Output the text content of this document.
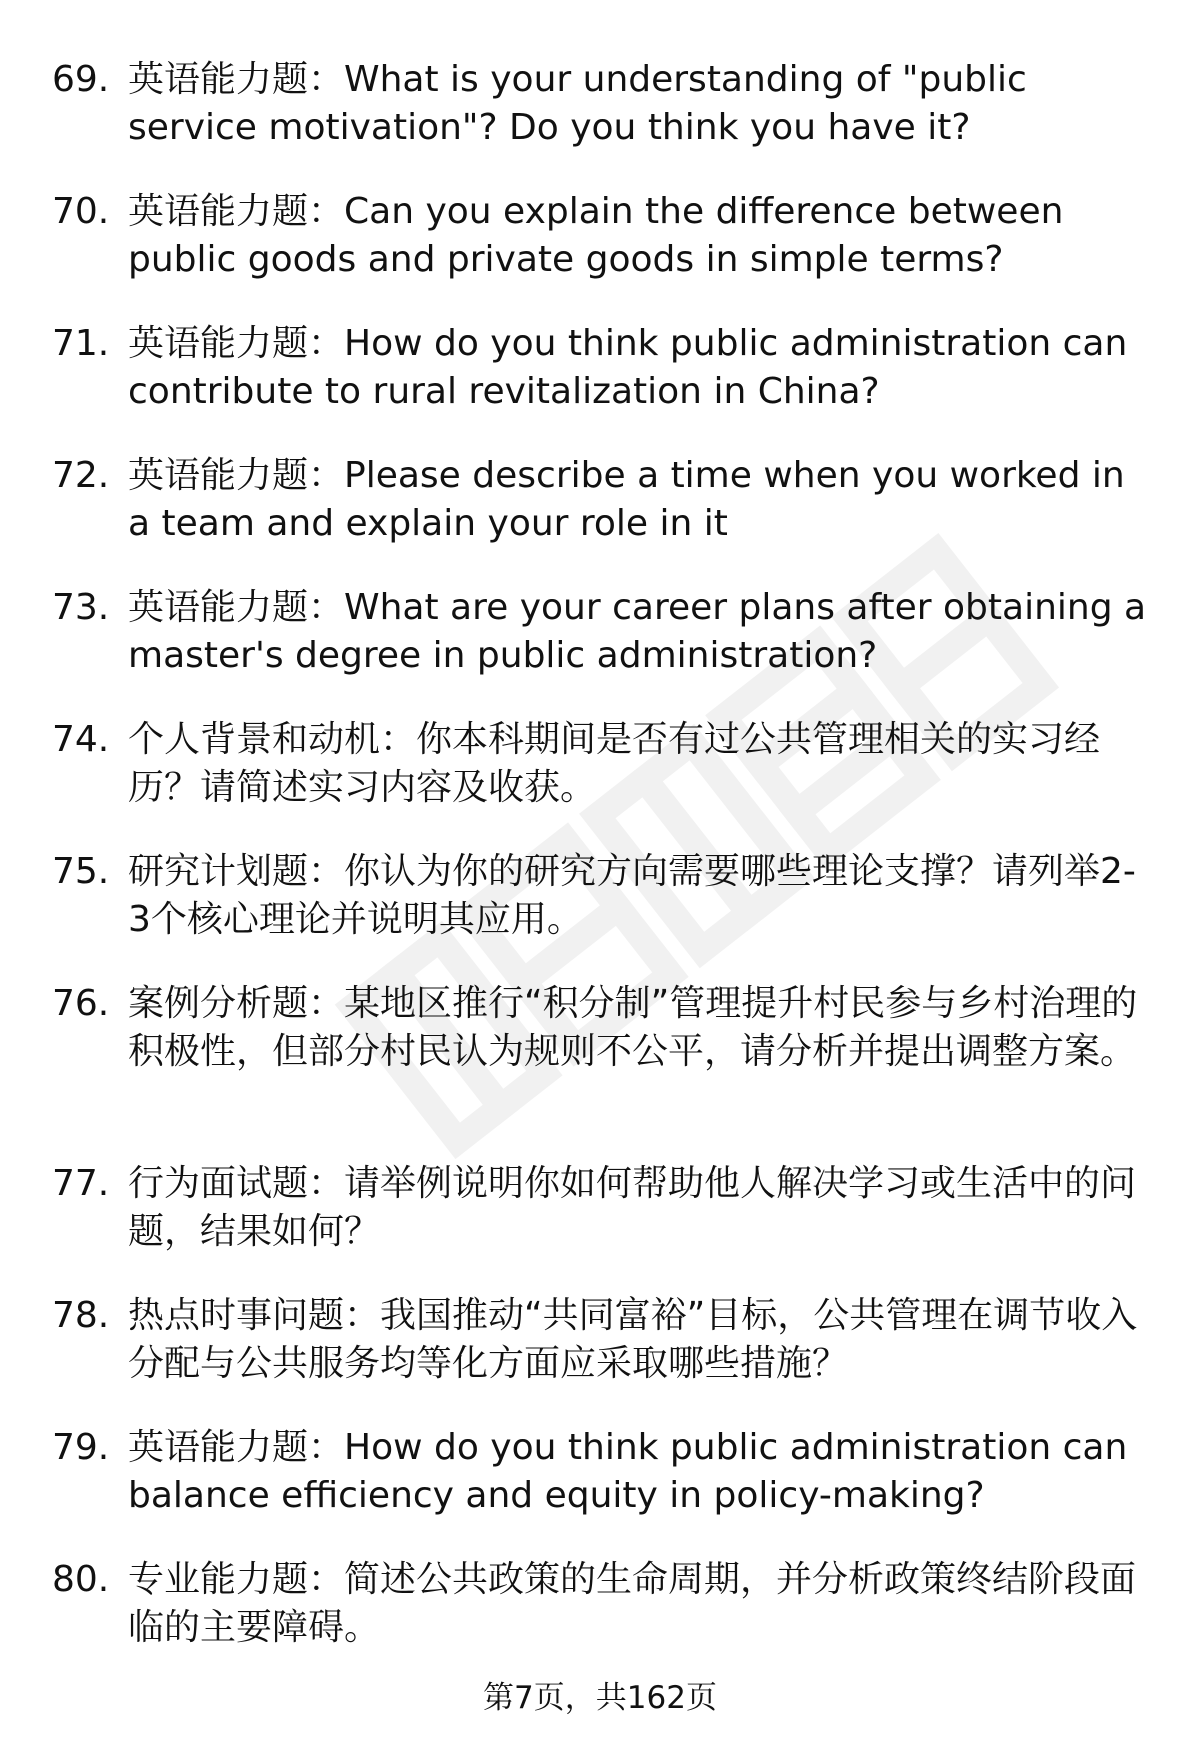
69. 英语能力题：What is your understanding of "public service motivation"? Do you think you have it?
70. 英语能力题：Can you explain the difference between public goods and private goods in simple terms?
71. 英语能力题：How do you think public administration can contribute to rural revitalization in China?
72. 英语能力题：Please describe a time when you worked in a team and explain your role in it
73. 英语能力题：What are your career plans after obtaining a master's degree in public administration?
74. 个人背景和动机：你本科期间是否有过公共管理相关的实习经历？请简述实习内容及收获。
75. 研究计划题：你认为你的研究方向需要哪些理论支撑？请列举2-3个核心理论并说明其应用。
76. 案例分析题：某地区推行“积分制”管理提升村民参与乡村治理的积极性，但部分村民认为规则不公平，请分析并提出调整方案。
77. 行为面试题：请举例说明你如何帮助他人解决学习或生活中的问题，结果如何？
78. 热点时事问题：我国推动“共同富裕”目标，公共管理在调节收入分配与公共服务均等化方面应采取哪些措施？
79. 英语能力题：How do you think public administration can balance efficiency and equity in policy-making?
80. 专业能力题：简述公共政策的生命周期，并分析政策终结阶段面临的主要障碍。
第7页，共162页
